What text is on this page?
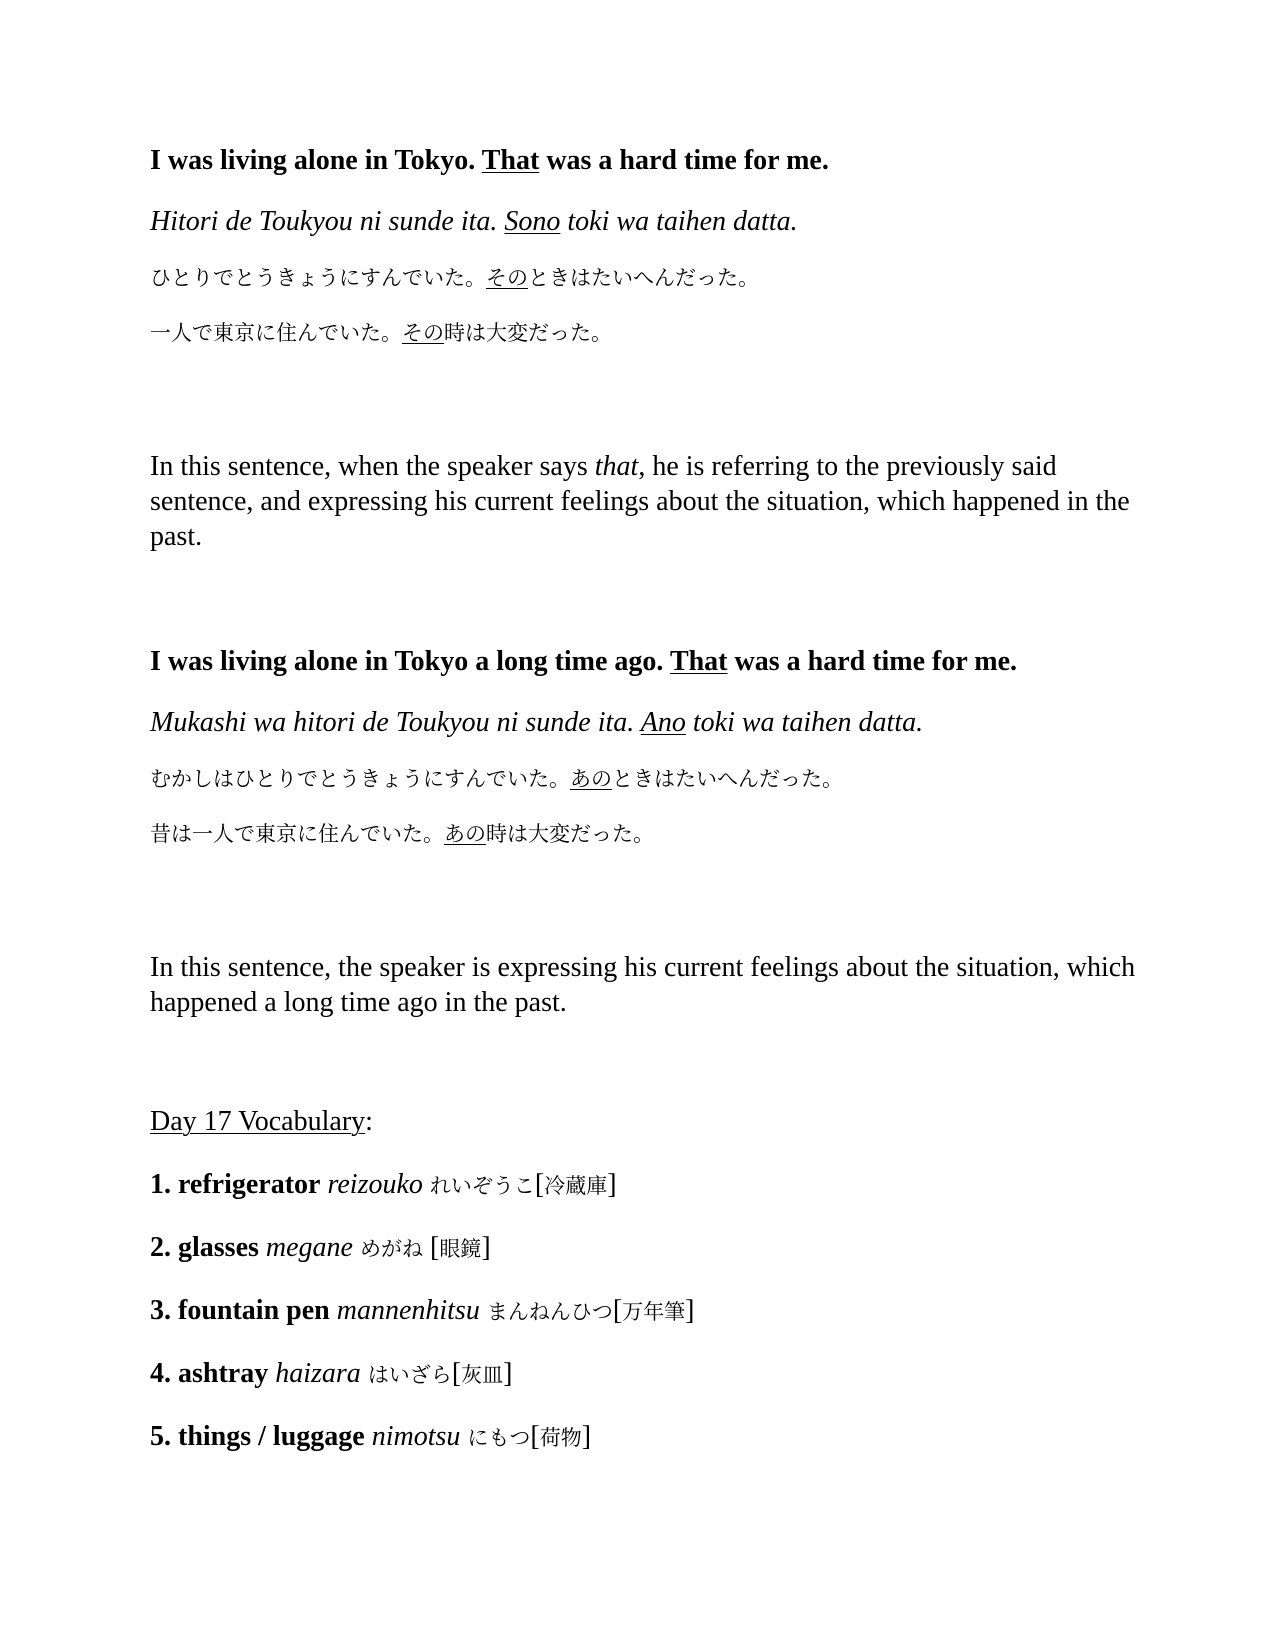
I was living alone in Tokyo. That was a hard time for me.
Hitori de Toukyou ni sunde ita. Sono toki wa taihen datta.
ひとりでとうきょうにすんでいた。そのときはたいへんだった。
一人で東京に住んでいた。その時は大変だった。
In this sentence, when the speaker says that, he is referring to the previously said sentence, and expressing his current feelings about the situation, which happened in the past.
I was living alone in Tokyo a long time ago. That was a hard time for me.
Mukashi wa hitori de Toukyou ni sunde ita. Ano toki wa taihen datta.
むかしはひとりでとうきょうにすんでいた。あのときはたいへんだった。
昔は一人で東京に住んでいた。あの時は大変だった。
In this sentence, the speaker is expressing his current feelings about the situation, which happened a long time ago in the past.
Day 17 Vocabulary:
1. refrigerator reizouko れいぞうこ[冷蔵庫]
2. glasses megane めがね [眼鏡]
3. fountain pen mannenhitsu まんねんひつ[万年筆]
4. ashtray haizara はいざら[灰皿]
5. things / luggage nimotsu にもつ[荷物]
